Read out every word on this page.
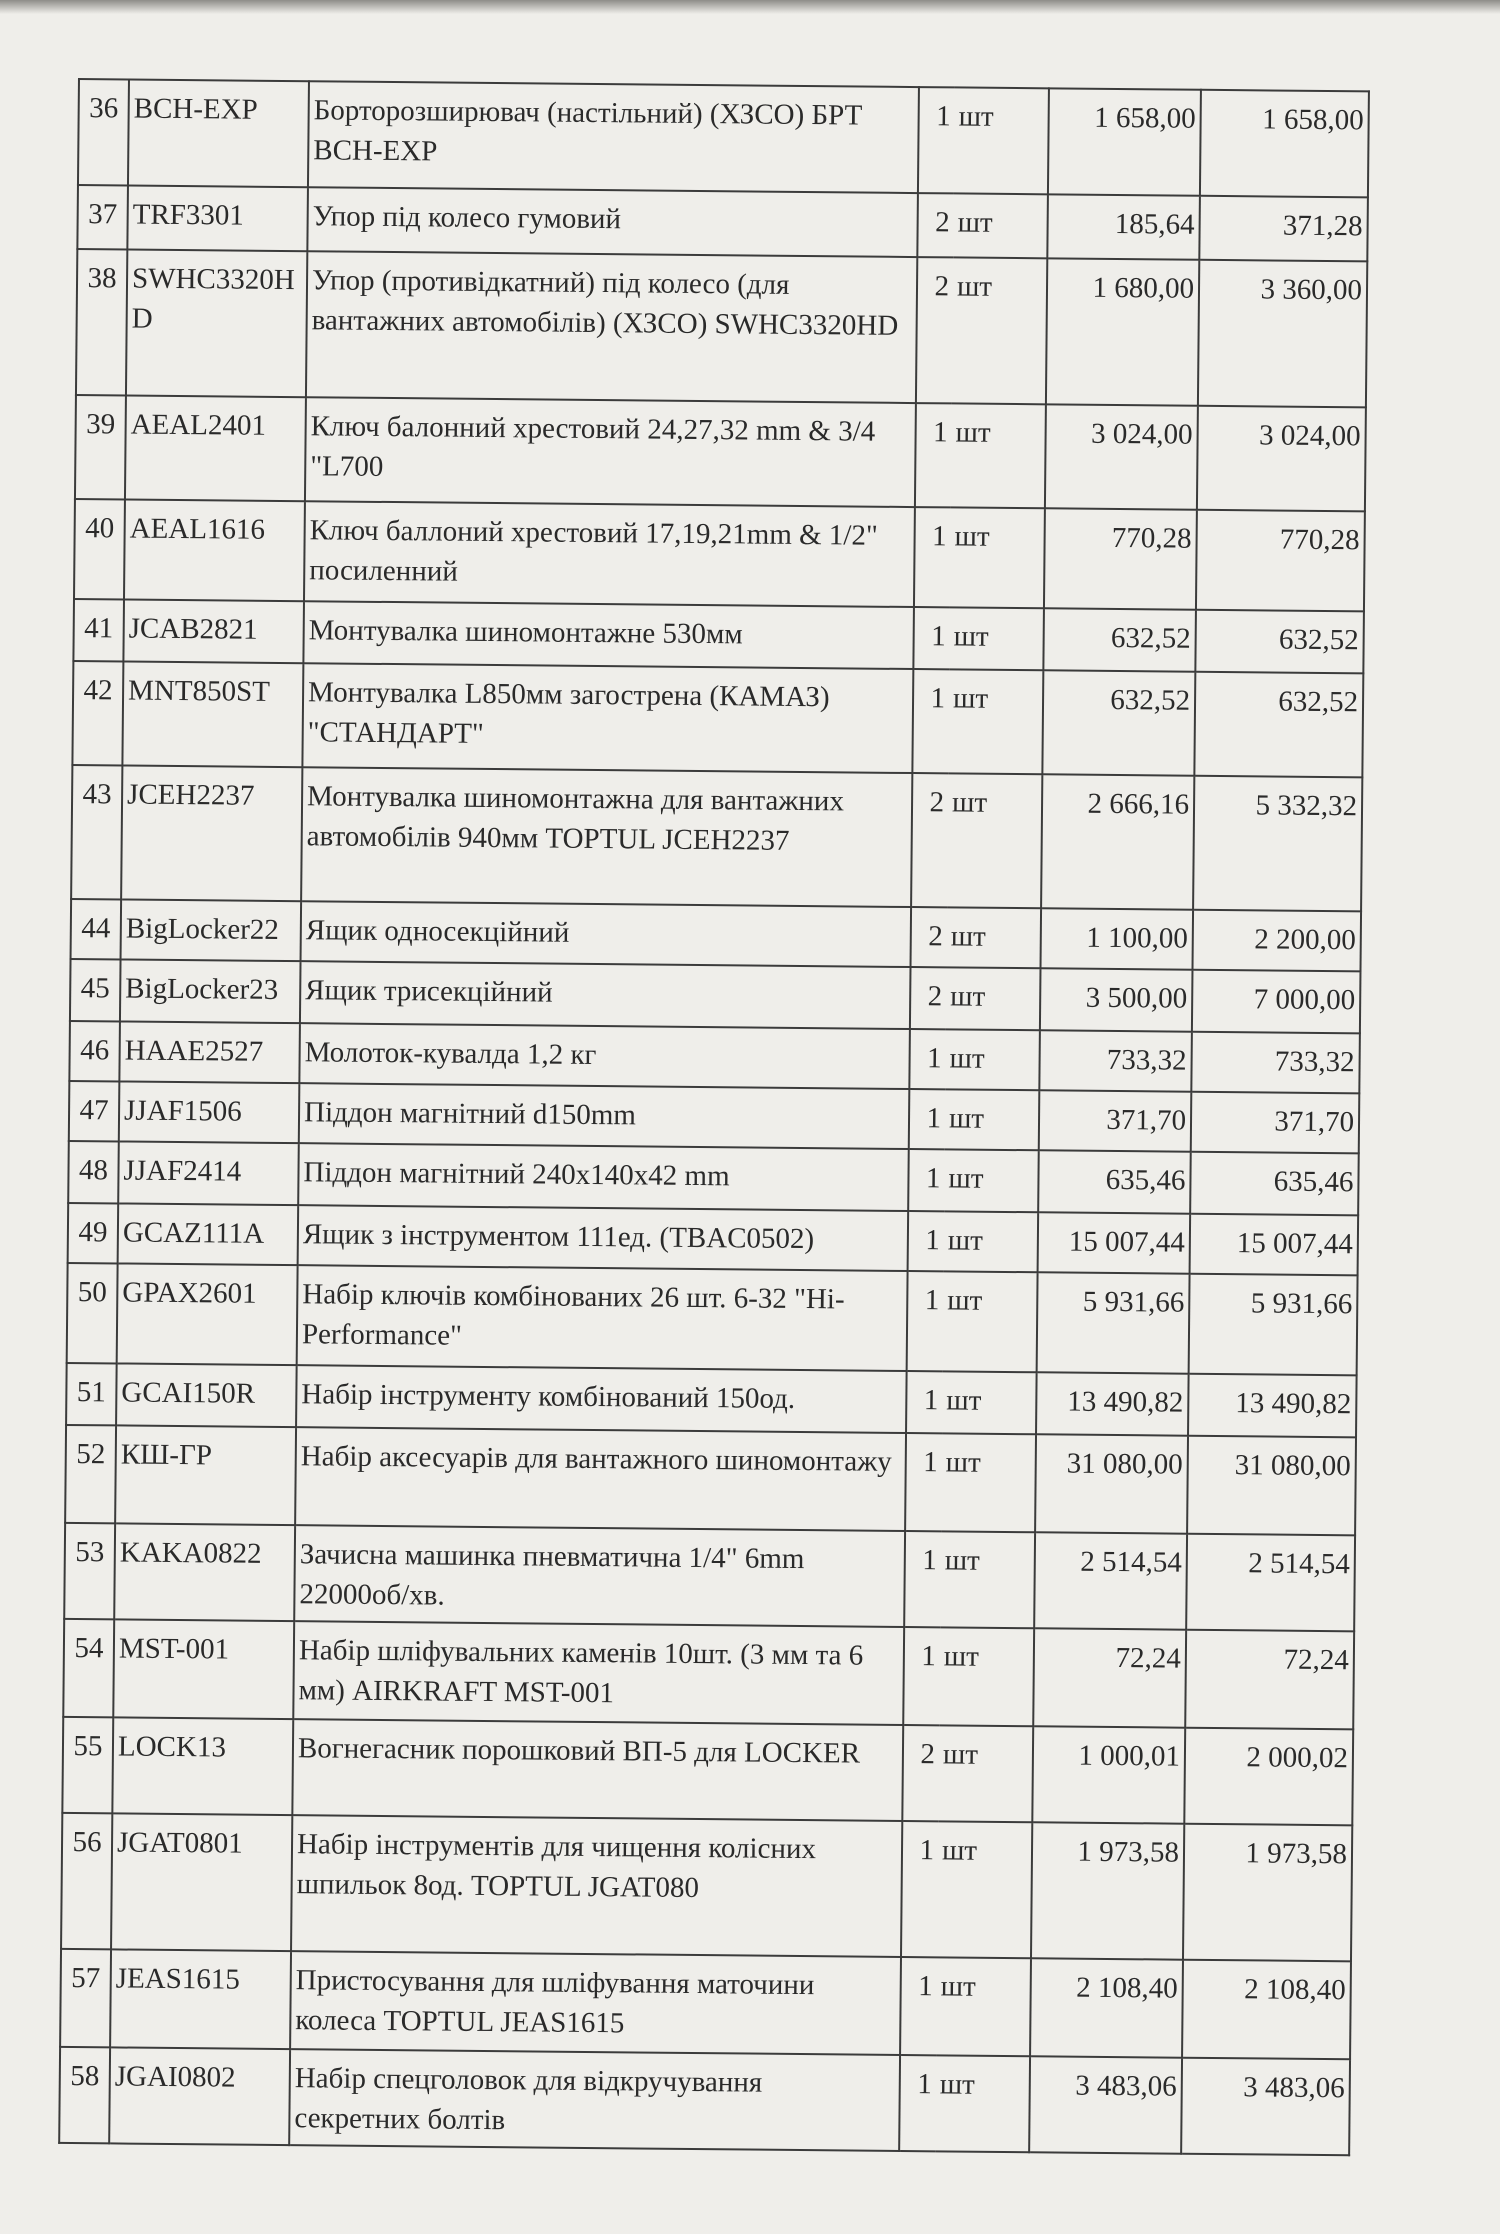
36	BCH-EXP	Борторозширювач (настільний) (ХЗСО) БРТ BCH-EXP	1	шт	1 658,00	1 658,00
37	TRF3301	Упор під колесо гумовий	2	шт	185,64	371,28
38	SWHC3320HD	Упор (противідкатний) під колесо (для вантажних автомобілів) (ХЗСО) SWHC3320HD	2	шт	1 680,00	3 360,00
39	AEAL2401	Ключ балонний хрестовий 24,27,32 mm & 3/4 "L700	1	шт	3 024,00	3 024,00
40	AEAL1616	Ключ баллоний хрестовий 17,19,21mm & 1/2" посиленний	1	шт	770,28	770,28
41	JCAB2821	Монтувалка шиномонтажне 530мм	1	шт	632,52	632,52
42	MNT850ST	Монтувалка L850мм загострена (КАМАЗ) "СТАНДАРТ"	1	шт	632,52	632,52
43	JCEH2237	Монтувалка шиномонтажна для вантажних автомобілів 940мм TOPTUL JCEH2237	2	шт	2 666,16	5 332,32
44	BigLocker22	Ящик односекційний	2	шт	1 100,00	2 200,00
45	BigLocker23	Ящик трисекційний	2	шт	3 500,00	7 000,00
46	HAAE2527	Молоток-кувалда 1,2 кг	1	шт	733,32	733,32
47	JJAF1506	Піддон магнітний d150mm	1	шт	371,70	371,70
48	JJAF2414	Піддон магнітний 240x140x42 mm	1	шт	635,46	635,46
49	GCAZ111A	Ящик з інструментом 111ед. (TBAC0502)	1	шт	15 007,44	15 007,44
50	GPAX2601	Набір ключів комбінованих 26 шт. 6-32 "Hi-Performance"	1	шт	5 931,66	5 931,66
51	GCAI150R	Набір інструменту комбінований 150од.	1	шт	13 490,82	13 490,82
52	КШ-ГР	Набір аксесуарів для вантажного шиномонтажу	1	шт	31 080,00	31 080,00
53	KAKA0822	Зачисна машинка пневматична 1/4" 6mm 22000об/хв.	1	шт	2 514,54	2 514,54
54	MST-001	Набір шліфувальних каменів 10шт. (3 мм та 6 мм) AIRKRAFT MST-001	1	шт	72,24	72,24
55	LOCK13	Вогнегасник порошковий ВП-5 для LOCKER	2	шт	1 000,01	2 000,02
56	JGAT0801	Набір інструментів для чищення колісних шпильок 8од. TOPTUL JGAT080	1	шт	1 973,58	1 973,58
57	JEAS1615	Пристосування для шліфування маточини колеса TOPTUL JEAS1615	1	шт	2 108,40	2 108,40
58	JGAI0802	Набір спецголовок для відкручування секретних болтів	1	шт	3 483,06	3 483,06
